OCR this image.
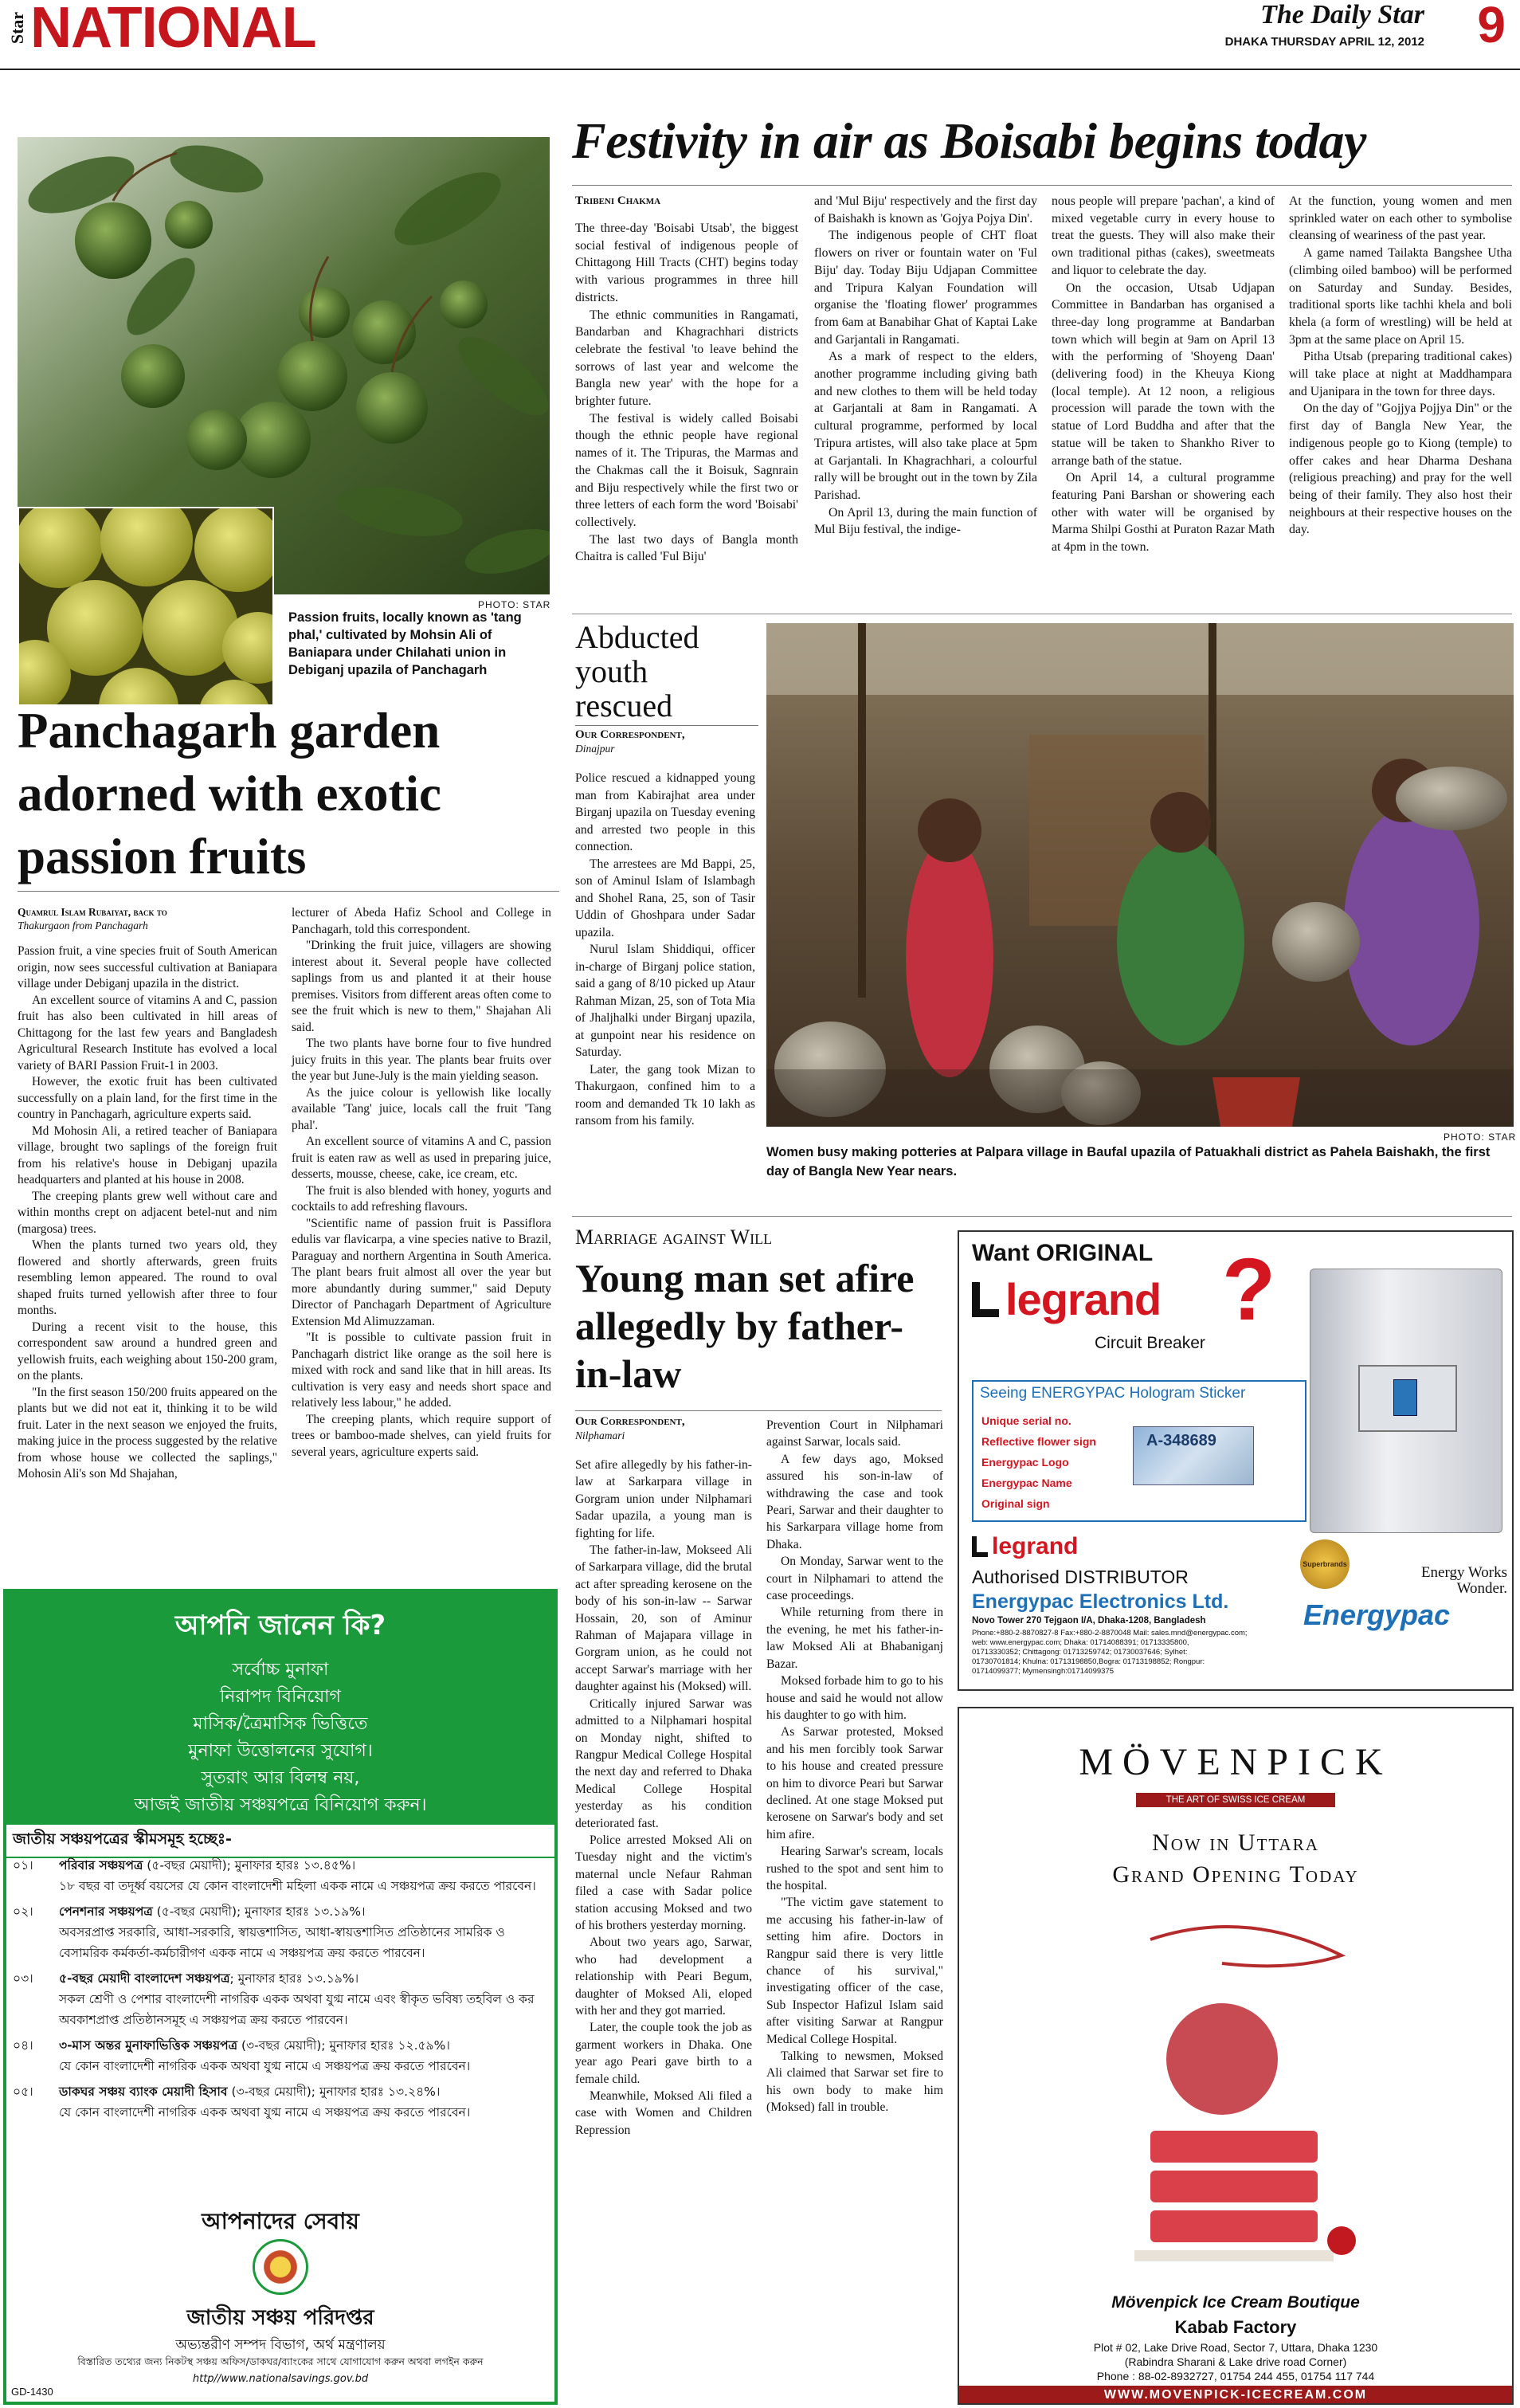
Star NATIONAL	The Daily Star
DHAKA THURSDAY APRIL 12, 2012 9
PHOTO: STAR
Passion fruits, locally known as 'tang phal,' cultivated by Mohsin Ali of Baniapara under Chilahati union in Debiganj upazila of Panchagarh
Panchagarh garden adorned with exotic passion fruits
Quamrul Islam Rubaiyat, back to
Thakurgaon from Panchagarh

Passion fruit, a vine species fruit of South American origin, now sees successful cultivation at Baniapara village under Debiganj upazila in the district.

An excellent source of vitamins A and C, passion fruit has also been cultivated in hill areas of Chittagong for the last few years and Bangladesh Agricultural Research Institute has evolved a local variety of BARI Passion Fruit-1 in 2003.

However, the exotic fruit has been cultivated successfully on a plain land, for the first time in the country in Panchagarh, agriculture experts said.

Md Mohosin Ali, a retired teacher of Baniapara village, brought two saplings of the foreign fruit from his relative's house in Debiganj upazila headquarters and planted at his house in 2008.

The creeping plants grew well without care and within months crept on adjacent betel-nut and nim (margosa) trees.

When the plants turned two years old, they flowered and shortly afterwards, green fruits resembling lemon appeared. The round to oval shaped fruits turned yellowish after three to four months.

During a recent visit to the house, this correspondent saw around a hundred green and yellowish fruits, each weighing about 150-200 gram, on the plants.

"In the first season 150/200 fruits appeared on the plants but we did not eat it, thinking it to be wild fruit. Later in the next season we enjoyed the fruits, making juice in the process suggested by the relative from whose house we collected the saplings," Mohosin Ali's son Md Shajahan,

lecturer of Abeda Hafiz School and College in Panchagarh, told this correspondent.

"Drinking the fruit juice, villagers are showing interest about it. Several people have collected saplings from us and planted it at their house premises. Visitors from different areas often come to see the fruit which is new to them," Shajahan Ali said.

The two plants have borne four to five hundred juicy fruits in this year. The plants bear fruits over the year but June-July is the main yielding season.

As the juice colour is yellowish like locally available 'Tang' juice, locals call the fruit 'Tang phal'.

An excellent source of vitamins A and C, passion fruit is eaten raw as well as used in preparing juice, desserts, mousse, cheese, cake, ice cream, etc.

The fruit is also blended with honey, yogurts and cocktails to add refreshing flavours.

"Scientific name of passion fruit is Passiflora edulis var flavicarpa, a vine species native to Brazil, Paraguay and northern Argentina in South America. The plant bears fruit almost all over the year but more abundantly during summer," said Deputy Director of Panchagarh Department of Agriculture Extension Md Alimuzzaman.

"It is possible to cultivate passion fruit in Panchagarh district like orange as the soil here is mixed with rock and sand like that in hill areas. Its cultivation is very easy and needs short space and relatively less labour," he added.

The creeping plants, which require support of trees or bamboo-made shelves, can yield fruits for several years, agriculture experts said.

Festivity in air as Boisabi begins today
Tribeni Chakma

The three-day 'Boisabi Utsab', the biggest social festival of indigenous people of Chittagong Hill Tracts (CHT) begins today with various programmes in three hill districts.

The ethnic communities in Rangamati, Bandarban and Khagrachhari districts celebrate the festival 'to leave behind the sorrows of last year and welcome the Bangla new year' with the hope for a brighter future.

The festival is widely called Boisabi though the ethnic people have regional names of it. The Tripuras, the Marmas and the Chakmas call the it Boisuk, Sagnrain and Biju respectively while the first two or three letters of each form the word 'Boisabi' collectively.

The last two days of Bangla month Chaitra is called 'Ful Biju'

and 'Mul Biju' respectively and the first day of Baishakh is known as 'Gojya Pojya Din'.

The indigenous people of CHT float flowers on river or fountain water on 'Ful Biju' day. Today Biju Udjapan Committee and Tripura Kalyan Foundation will organise the 'floating flower' programmes from 6am at Banabihar Ghat of Kaptai Lake and Garjantali in Rangamati.

As a mark of respect to the elders, another programme including giving bath and new clothes to them will be held today at Garjantali at 8am in Rangamati. A cultural programme, performed by local Tripura artistes, will also take place at 5pm at Garjantali. In Khagrachhari, a colourful rally will be brought out in the town by Zila Parishad.

On April 13, during the main function of Mul Biju festival, the indige-

nous people will prepare 'pachan', a kind of mixed vegetable curry in every house to treat the guests. They will also make their own traditional pithas (cakes), sweetmeats and liquor to celebrate the day.

On the occasion, Utsab Udjapan Committee in Bandarban has organised a three-day long programme at Bandarban town which will begin at 9am on April 13 with the performing of 'Shoyeng Daan' (delivering food) in the Kheuya Kiong (local temple). At 12 noon, a religious procession will parade the town with the statue of Lord Buddha and after that the statue will be taken to Shankho River to arrange bath of the statue.

On April 14, a cultural programme featuring Pani Barshan or showering each other with water will be organised by Marma Shilpi Gosthi at Puraton Razar Math at 4pm in the town.

At the function, young women and men sprinkled water on each other to symbolise cleansing of weariness of the past year.

A game named Tailakta Bangshee Utha (climbing oiled bamboo) will be performed on Saturday and Sunday. Besides, traditional sports like tachhi khela and boli khela (a form of wrestling) will be held at 3pm at the same place on April 15.

Pitha Utsab (preparing traditional cakes) will take place at night at Maddhampara and Ujanipara in the town for three days.

On the day of "Gojjya Pojjya Din" or the first day of Bangla New Year, the indigenous people go to Kiong (temple) to offer cakes and hear Dharma Deshana (religious preaching) and pray for the well being of their family. They also host their neighbours at their respective houses on the day.

Abducted youth rescued
Our Correspondent,
Dinajpur

Police rescued a kidnapped young man from Kabirajhat area under Birganj upazila on Tuesday evening and arrested two people in this connection.

The arrestees are Md Bappi, 25, son of Aminul Islam of Islambagh and Shohel Rana, 25, son of Tasir Uddin of Ghoshpara under Sadar upazila.

Nurul Islam Shiddiqui, officer in-charge of Birganj police station, said a gang of 8/10 picked up Ataur Rahman Mizan, 25, son of Tota Mia of Jhaljhalki under Birganj upazila, at gunpoint near his residence on Saturday.

Later, the gang took Mizan to Thakurgaon, confined him to a room and demanded Tk 10 lakh as ransom from his family.

PHOTO: STAR
Women busy making potteries at Palpara village in Baufal upazila of Patuakhali district as Pahela Baishakh, the first day of Bangla New Year nears.
Marriage against Will
Young man set afire allegedly by father-in-law
Our Correspondent,
Nilphamari

Set afire allegedly by his father-in-law at Sarkarpara village in Gorgram union under Nilphamari Sadar upazila, a young man is fighting for life.

The father-in-law, Mokseed Ali of Sarkarpara village, did the brutal act after spreading kerosene on the body of his son-in-law -- Sarwar Hossain, 20, son of Aminur Rahman of Majapara village in Gorgram union, as he could not accept Sarwar's marriage with her daughter against his (Moksed) will.

Critically injured Sarwar was admitted to a Nilphamari hospital on Monday night, shifted to Rangpur Medical College Hospital the next day and referred to Dhaka Medical College Hospital yesterday as his condition deteriorated fast.

Police arrested Moksed Ali on Tuesday night and the victim's maternal uncle Nefaur Rahman filed a case with Sadar police station accusing Moksed and two of his brothers yesterday morning.

About two years ago, Sarwar, who had development a relationship with Peari Begum, daughter of Moksed Ali, eloped with her and they got married.

Later, the couple took the job as garment workers in Dhaka. One year ago Peari gave birth to a female child.

Meanwhile, Moksed Ali filed a case with Women and Children Repression

Prevention Court in Nilphamari against Sarwar, locals said.

A few days ago, Moksed assured his son-in-law of withdrawing the case and took Peari, Sarwar and their daughter to his Sarkarpara village home from Dhaka.

On Monday, Sarwar went to the court in Nilphamari to attend the case proceedings.

While returning from there in the evening, he met his father-in-law Moksed Ali at Bhabaniganj Bazar.

Moksed forbade him to go to his house and said he would not allow his daughter to go with him.

As Sarwar protested, Moksed and his men forcibly took Sarwar to his house and created pressure on him to divorce Peari but Sarwar declined. At one stage Moksed put kerosene on Sarwar's body and set him afire.

Hearing Sarwar's scream, locals rushed to the spot and sent him to the hospital.

"The victim gave statement to me accusing his father-in-law of setting him afire. Doctors in Rangpur said there is very little chance of his survival," investigating officer of the case, Sub Inspector Hafizul Islam said after visiting Sarwar at Rangpur Medical College Hospital.

Talking to newsmen, Moksed Ali claimed that Sarwar set fire to his own body to make him (Moksed) fall in trouble.

আপনি জানেন কি?
সর্বোচ্চ মুনাফা
নিরাপদ বিনিয়োগ
মাসিক/ত্রৈমাসিক ভিত্তিতে
মুনাফা উত্তোলনের সুযোগ।
সুতরাং আর বিলম্ব নয়,
আজই জাতীয় সঞ্চয়পত্রে বিনিয়োগ করুন।
জাতীয় সঞ্চয়পত্রের স্কীমসমূহ হচ্ছেঃ-
০১।	পরিবার সঞ্চয়পত্র (৫-বছর মেয়াদী); মুনাফার হারঃ ১৩.৪৫%।
১৮ বছর বা তদূর্ধ্ব বয়সের যে কোন বাংলাদেশী মহিলা একক নামে এ সঞ্চয়পত্র ক্রয় করতে পারবেন।
০২।	পেনশনার সঞ্চয়পত্র (৫-বছর মেয়াদী); মুনাফার হারঃ ১৩.১৯%।
অবসরপ্রাপ্ত সরকারি, আধা-সরকারি, স্বায়ত্তশাসিত, আধা-স্বায়ত্তশাসিত প্রতিষ্ঠানের সামরিক ও বেসামরিক কর্মকর্তা-কর্মচারীগণ একক নামে এ সঞ্চয়পত্র ক্রয় করতে পারবেন।
০৩।	৫-বছর মেয়াদী বাংলাদেশ সঞ্চয়পত্র; মুনাফার হারঃ ১৩.১৯%।
সকল শ্রেণী ও পেশার বাংলাদেশী নাগরিক একক অথবা যুগ্ম নামে এবং স্বীকৃত ভবিষ্য তহবিল ও কর অবকাশপ্রাপ্ত প্রতিষ্ঠানসমূহ এ সঞ্চয়পত্র ক্রয় করতে পারবেন।
০৪।	৩-মাস অন্তর মুনাফাভিত্তিক সঞ্চয়পত্র (৩-বছর মেয়াদী); মুনাফার হারঃ ১২.৫৯%।
যে কোন বাংলাদেশী নাগরিক একক অথবা যুগ্ম নামে এ সঞ্চয়পত্র ক্রয় করতে পারবেন।
০৫।	ডাকঘর সঞ্চয় ব্যাংক মেয়াদী হিসাব (৩-বছর মেয়াদী); মুনাফার হারঃ ১৩.২৪%।
যে কোন বাংলাদেশী নাগরিক একক অথবা যুগ্ম নামে এ সঞ্চয়পত্র ক্রয় করতে পারবেন।
আপনাদের সেবায়
জাতীয় সঞ্চয় পরিদপ্তর
অভ্যন্তরীণ সম্পদ বিভাগ, অর্থ মন্ত্রণালয়
বিস্তারিত তথ্যের জন্য নিকটস্থ সঞ্চয় অফিস/ডাকঘর/ব্যাংকের সাথে যোগাযোগ করুন অথবা লগইন করুন
http//www.nationalsavings.gov.bd
GD-1430
Want ORIGINAL
legrand ?
Circuit Breaker
Seeing ENERGYPAC Hologram Sticker
Unique serial no.
Reflective flower sign
Energypac Logo
Energypac Name
Original sign
A-348689
legrand
Authorised DISTRIBUTOR
Energypac Electronics Ltd.
Novo Tower 270 Tejgaon I/A, Dhaka-1208, Bangladesh
Phone:+880-2-8870827-8 Fax:+880-2-8870048 Mail: sales.mnd@energypac.com;
web: www.energypac.com; Dhaka: 01714088391; 01713335800,
01713330352; Chittagong: 01713259742; 01730037646; Sylhet:
01730701814; Khulna: 01713198850,Bogra: 01713198852; Rongpur:
01714099377; Mymensingh:01714099375
Superbrands	Energy Works Wonder.
Energypac
MÖVENPICK
THE ART OF SWISS ICE CREAM
Now in Uttara
Grand Opening Today
Mövenpick Ice Cream Boutique
Kabab Factory
Plot # 02, Lake Drive Road, Sector 7, Uttara, Dhaka 1230
(Rabindra Sharani & Lake drive road Corner)
Phone : 88-02-8932727, 01754 244 455, 01754 117 744
WWW.MOVENPICK-ICECREAM.COM
